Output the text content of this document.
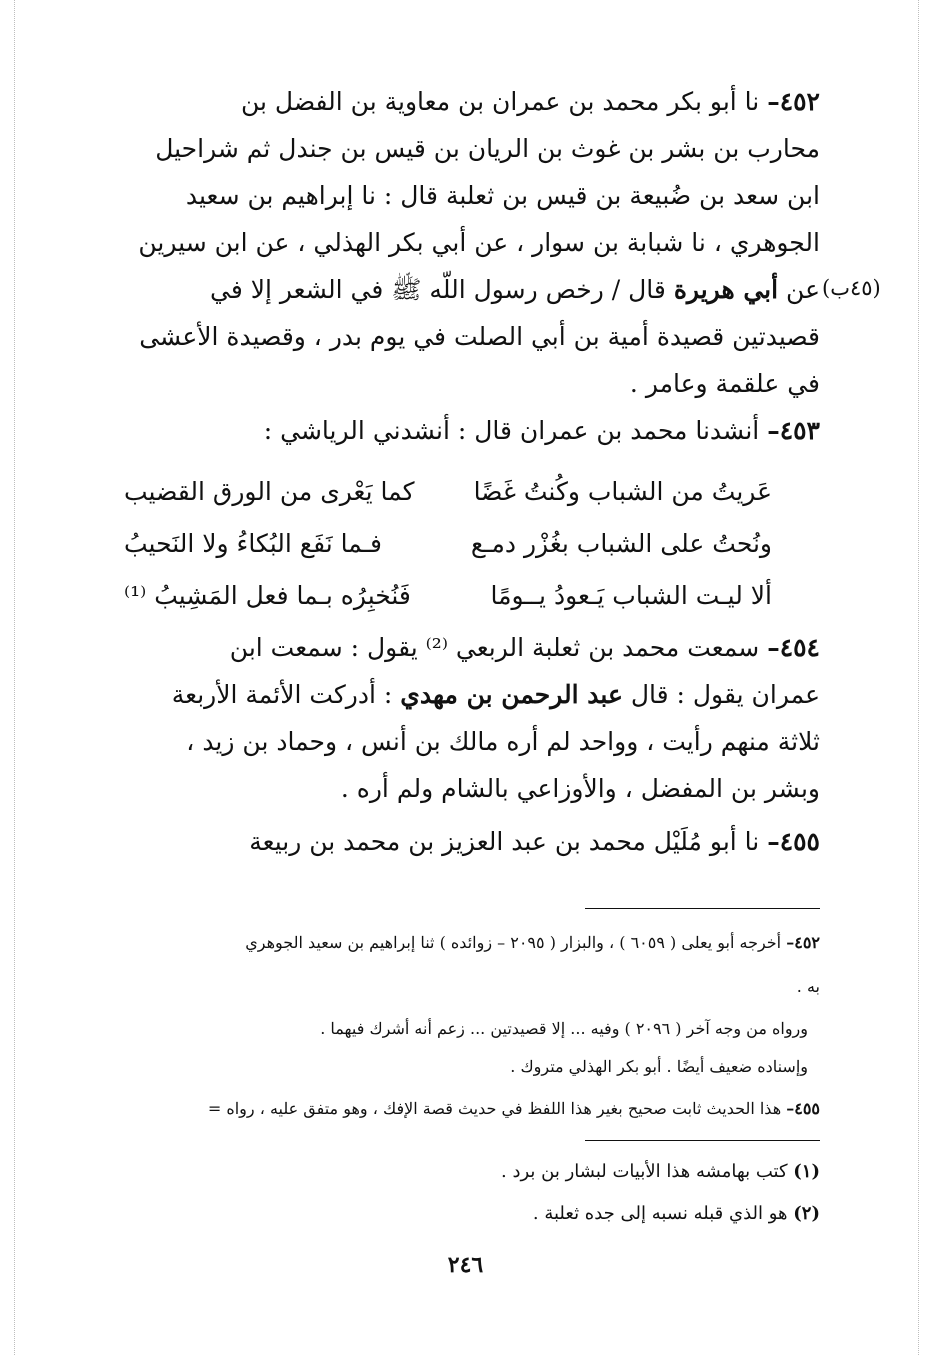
(٤٥ب)

٤٥٢– نا أبو بكر محمد بن عمران بن معاوية بن الفضل بن

محارب بن بشر بن غوث بن الريان بن قيس بن جندل ثم شراحيل

ابن سعد بن ضُبيعة بن قيس بن ثعلبة قال : نا إبراهيم بن سعيد

الجوهري ، نا شبابة بن سوار ، عن أبي بكر الهذلي ، عن ابن سيرين

عن أبي هريرة قال / رخص رسول اللّه ﷺ في الشعر إلا في

قصيدتين قصيدة أمية بن أبي الصلت في يوم بدر ، وقصيدة الأعشى

في علقمة وعامر .

٤٥٣– أنشدنا محمد بن عمران قال : أنشدني الرياشي :

عَريتُ من الشباب وكُنتُ غَضًا
كما يَعْرى من الورق القضيب
ونُحتُ على الشباب بغُزْر دمـع
فـما نَفَع البُكاءُ ولا النَحيبُ
ألا ليـت الشباب يَـعودُ يــومًا
فَنُخبِرُه بـما فعل المَشِيبُ ⁽¹⁾

٤٥٤– سمعت محمد بن ثعلبة الربعي ⁽²⁾ يقول : سمعت ابن

عمران يقول : قال عبد الرحمن بن مهدي : أدركت الأئمة الأربعة

ثلاثة منهم رأيت ، وواحد لم أره مالك بن أنس ، وحماد بن زيد ،

وبشر بن المفضل ، والأوزاعي بالشام ولم أره .

٤٥٥– نا أبو مُلَيْل محمد بن عبد العزيز بن محمد بن ربيعة

٤٥٢– أخرجه أبو يعلى ( ٦٠٥٩ ) ، والبزار ( ٢٠٩٥ – زوائده ) ثنا إبراهيم بن سعيد الجوهري
به .
ورواه من وجه آخر ( ٢٠٩٦ ) وفيه ... إلا قصيدتين ... زعم أنه أشرك فيهما .
وإسناده ضعيف أيضًا . أبو بكر الهذلي متروك .
٤٥٥– هذا الحديث ثابت صحيح بغير هذا اللفظ في حديث قصة الإفك ، وهو متفق عليه ، رواه =
(١) كتب بهامشه هذا الأبيات لبشار بن برد .
(٢) هو الذي قبله نسبه إلى جده ثعلبة .
٢٤٦
